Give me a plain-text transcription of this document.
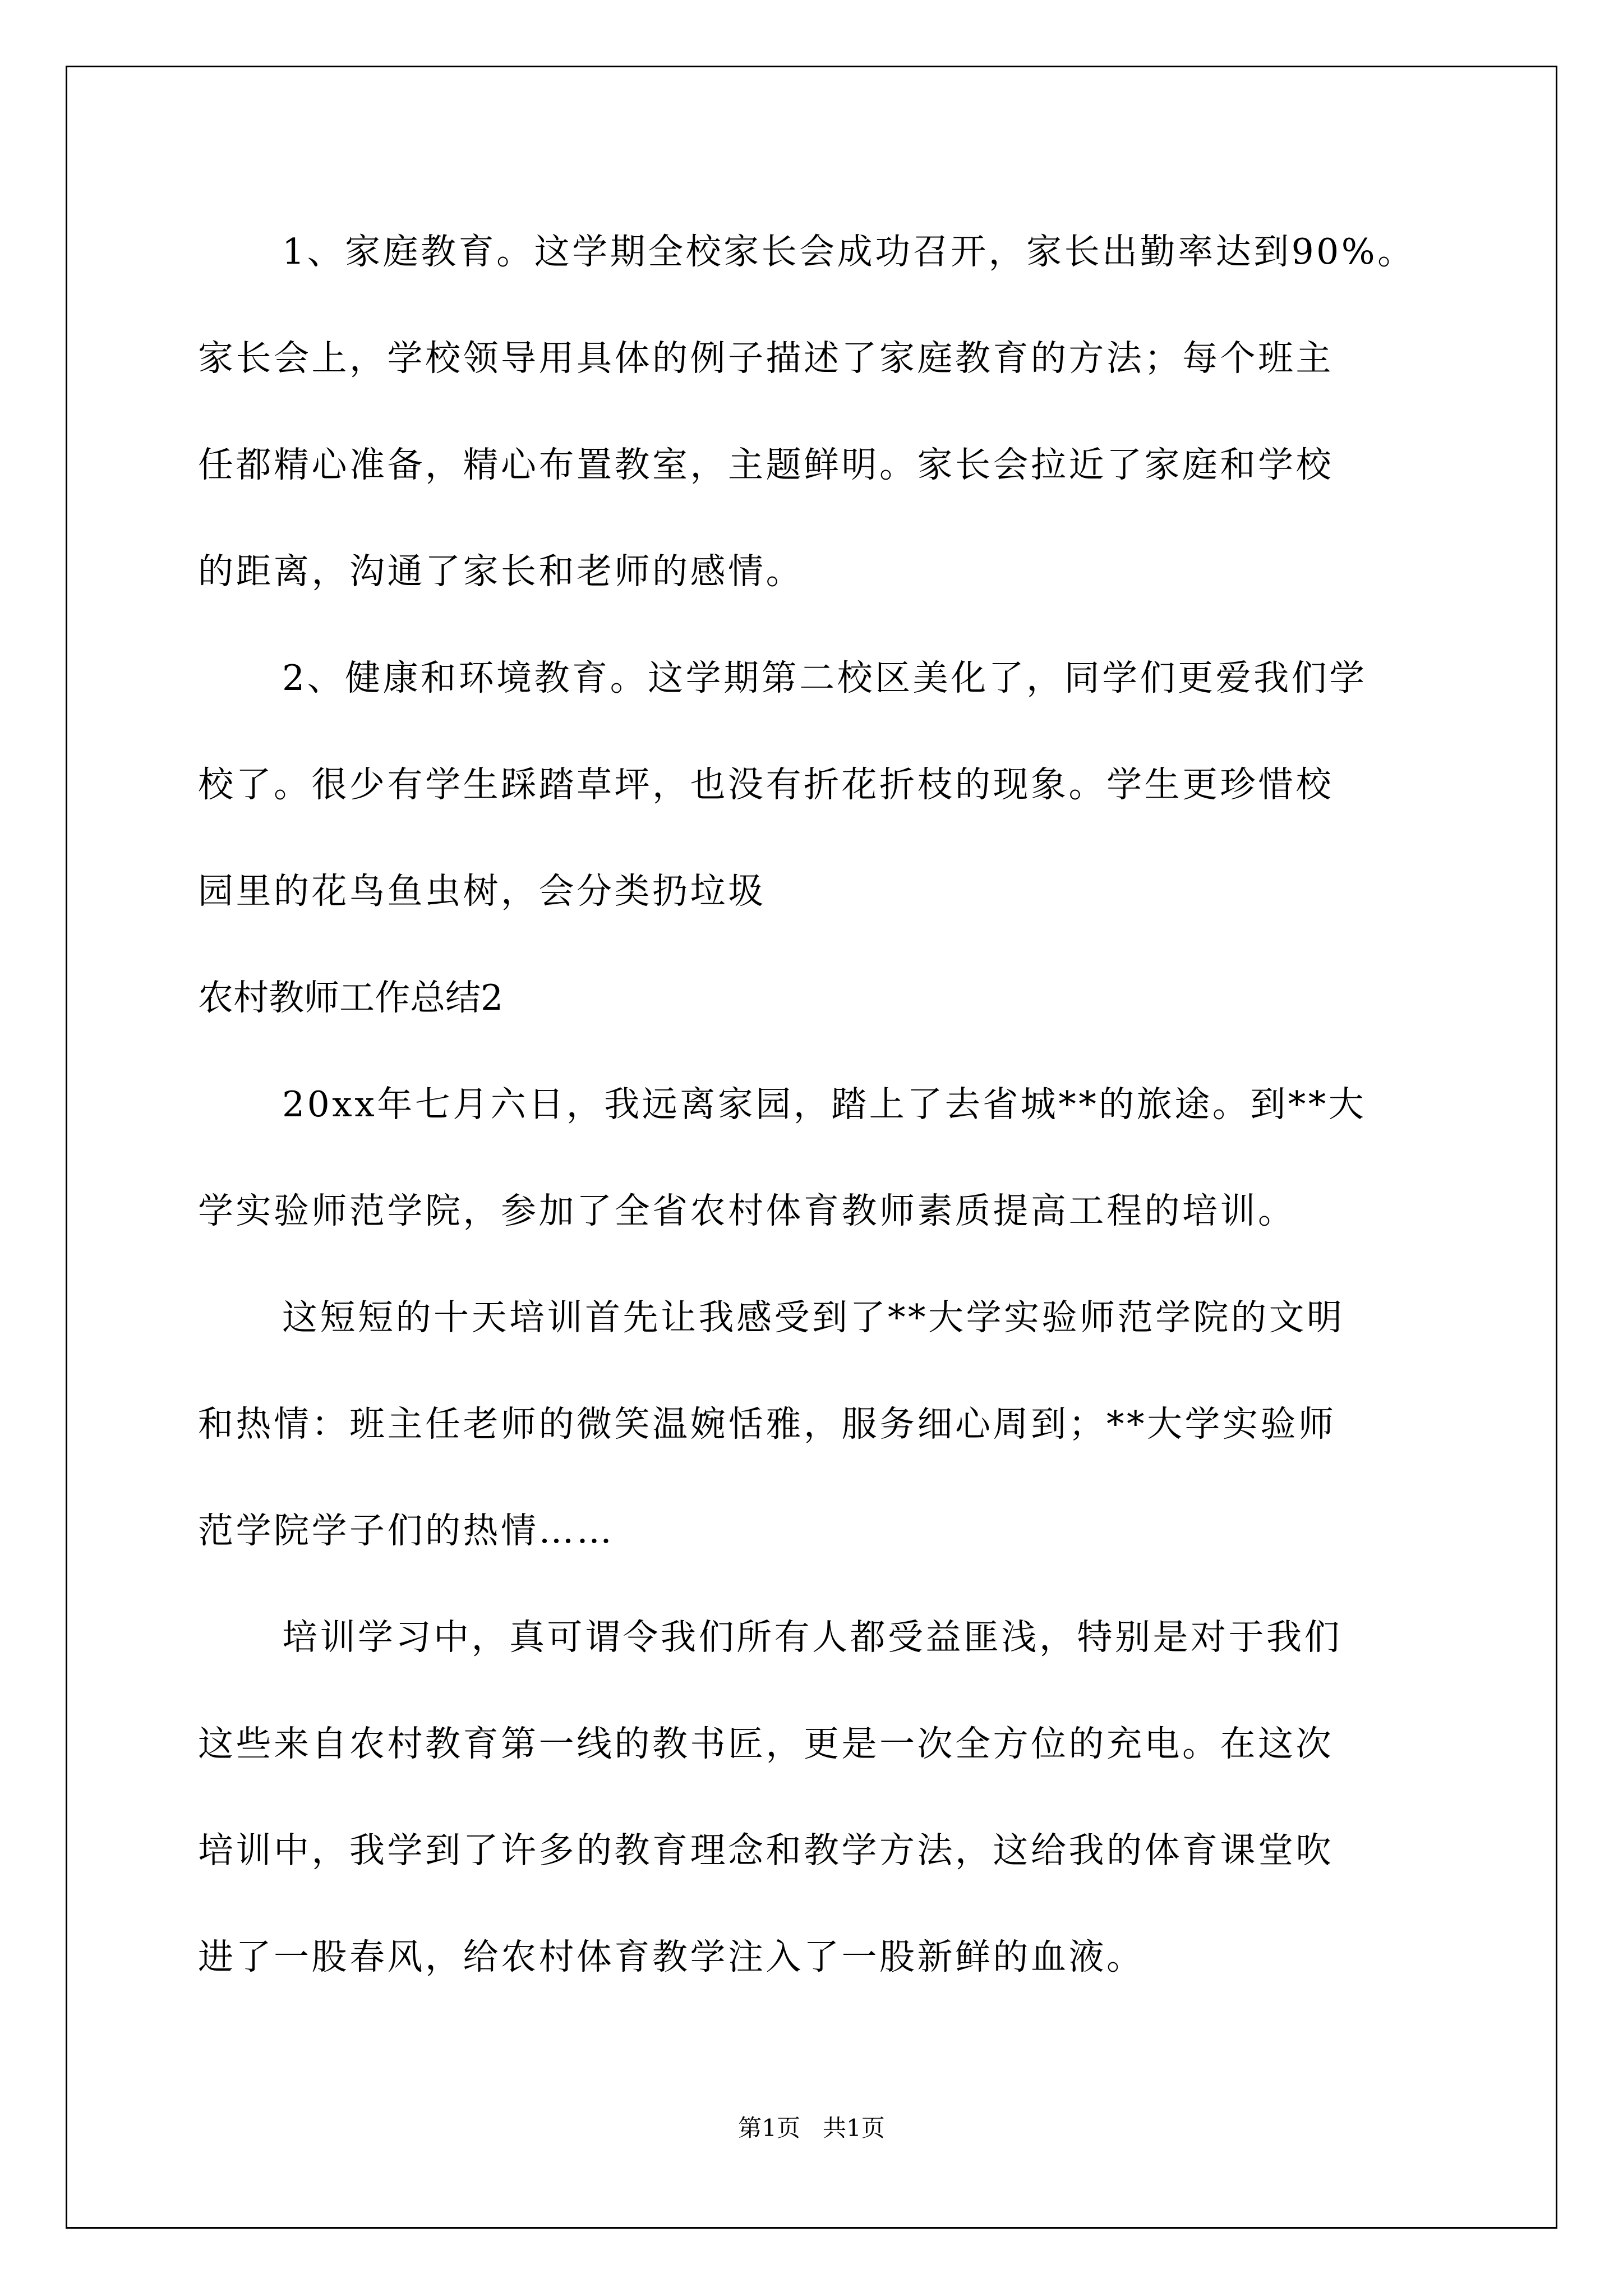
1、家庭教育。这学期全校家长会成功召开，家长出勤率达到90%。

家长会上，学校领导用具体的例子描述了家庭教育的方法；每个班主

任都精心准备，精心布置教室，主题鲜明。家长会拉近了家庭和学校

的距离，沟通了家长和老师的感情。

2、健康和环境教育。这学期第二校区美化了，同学们更爱我们学

校了。很少有学生踩踏草坪，也没有折花折枝的现象。学生更珍惜校

园里的花鸟鱼虫树，会分类扔垃圾

农村教师工作总结2

20xx年七月六日，我远离家园，踏上了去省城**的旅途。到**大

学实验师范学院，参加了全省农村体育教师素质提高工程的培训。

这短短的十天培训首先让我感受到了**大学实验师范学院的文明

和热情：班主任老师的微笑温婉恬雅，服务细心周到；**大学实验师

范学院学子们的热情……

培训学习中，真可谓令我们所有人都受益匪浅，特别是对于我们

这些来自农村教育第一线的教书匠，更是一次全方位的充电。在这次

培训中，我学到了许多的教育理念和教学方法，这给我的体育课堂吹

进了一股春风，给农村体育教学注入了一股新鲜的血液。

第1页 共1页
